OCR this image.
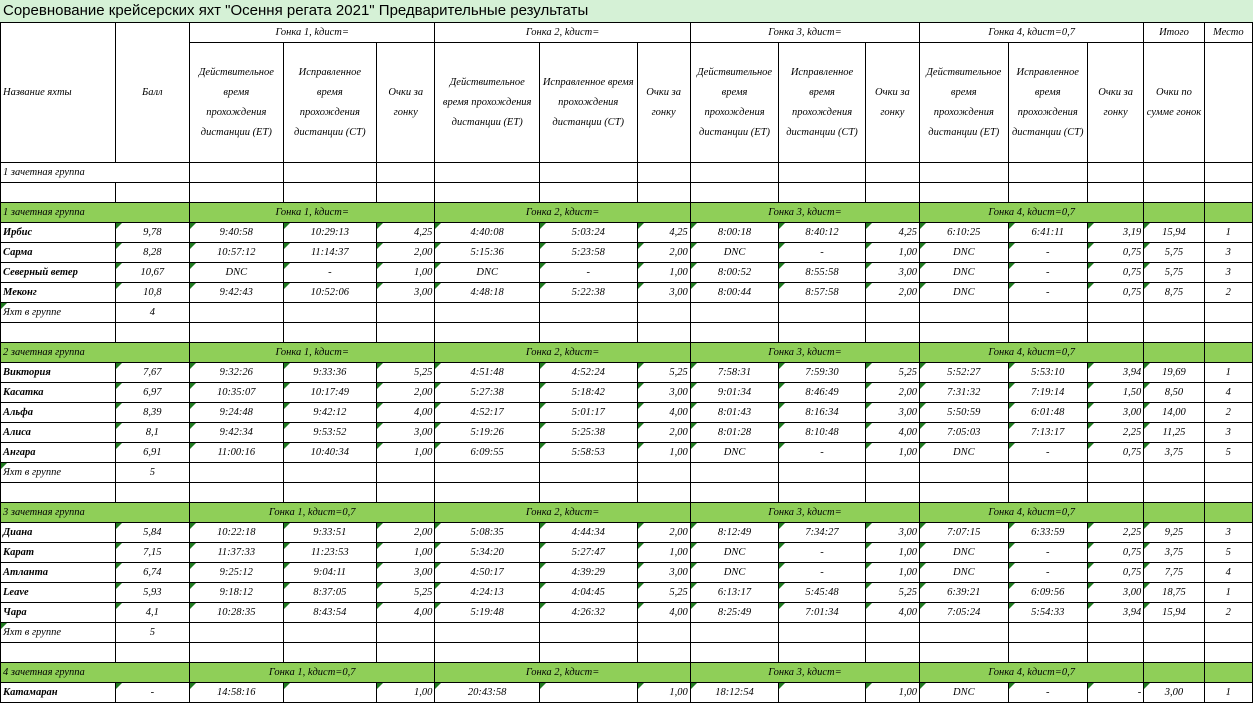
Соревнование крейсерских яхт "Осення регата 2021" Предварительные результаты
Название яхты	Балл	Гонка 1, kдист=			Гонка 2, kдист=			Гонка 3, kдист=			Гонка 4, kдист=0,7			Итого	Место
		Действительное время прохождения дистанции (ET)	Исправленное время прохождения дистанции (CT)	Очки за гонку	Действительное время прохождения дистанции (ET)	Исправленное время прохождения дистанции (CT)	Очки за гонку	Действительное время прохождения дистанции (ET)	Исправленное время прохождения дистанции (CT)	Очки за гонку	Действительное время прохождения дистанции (ET)	Исправленное время прохождения дистанции (CT)	Очки за гонку	Очки по сумме гонок	
1 зачетная группа															

1 зачетная группа		Гонка 1, kдист=			Гонка 2, kдист=			Гонка 3, kдист=			Гонка 4, kдист=0,7				
Ирбис	9,78	9:40:58	10:29:13	4,25	4:40:08	5:03:24	4,25	8:00:18	8:40:12	4,25	6:10:25	6:41:11	3,19	15,94	1
Сарма	8,28	10:57:12	11:14:37	2,00	5:15:36	5:23:58	2,00	DNC	-	1,00	DNC	-	0,75	5,75	3
Северный ветер	10,67	DNC	-	1,00	DNC	-	1,00	8:00:52	8:55:58	3,00	DNC	-	0,75	5,75	3
Меконг	10,8	9:42:43	10:52:06	3,00	4:48:18	5:22:38	3,00	8:00:44	8:57:58	2,00	DNC	-	0,75	8,75	2
Яхт в группе	4														

2 зачетная группа		Гонка 1, kдист=			Гонка 2, kдист=			Гонка 3, kдист=			Гонка 4, kдист=0,7				
Виктория	7,67	9:32:26	9:33:36	5,25	4:51:48	4:52:24	5,25	7:58:31	7:59:30	5,25	5:52:27	5:53:10	3,94	19,69	1
Касатка	6,97	10:35:07	10:17:49	2,00	5:27:38	5:18:42	3,00	9:01:34	8:46:49	2,00	7:31:32	7:19:14	1,50	8,50	4
Альфа	8,39	9:24:48	9:42:12	4,00	4:52:17	5:01:17	4,00	8:01:43	8:16:34	3,00	5:50:59	6:01:48	3,00	14,00	2
Алиса	8,1	9:42:34	9:53:52	3,00	5:19:26	5:25:38	2,00	8:01:28	8:10:48	4,00	7:05:03	7:13:17	2,25	11,25	3
Ангара	6,91	11:00:16	10:40:34	1,00	6:09:55	5:58:53	1,00	DNC	-	1,00	DNC	-	0,75	3,75	5
Яхт в группе	5														

3 зачетная группа		Гонка 1, kдист=0,7			Гонка 2, kдист=			Гонка 3, kдист=			Гонка 4, kдист=0,7				
Диана	5,84	10:22:18	9:33:51	2,00	5:08:35	4:44:34	2,00	8:12:49	7:34:27	3,00	7:07:15	6:33:59	2,25	9,25	3
Карат	7,15	11:37:33	11:23:53	1,00	5:34:20	5:27:47	1,00	DNC	-	1,00	DNC	-	0,75	3,75	5
Атланта	6,74	9:25:12	9:04:11	3,00	4:50:17	4:39:29	3,00	DNC	-	1,00	DNC	-	0,75	7,75	4
Leave	5,93	9:18:12	8:37:05	5,25	4:24:13	4:04:45	5,25	6:13:17	5:45:48	5,25	6:39:21	6:09:56	3,00	18,75	1
Чара	4,1	10:28:35	8:43:54	4,00	5:19:48	4:26:32	4,00	8:25:49	7:01:34	4,00	7:05:24	5:54:33	3,94	15,94	2
Яхт в группе	5														

4 зачетная группа		Гонка 1, kдист=0,7			Гонка 2, kдист=			Гонка 3, kдист=			Гонка 4, kдист=0,7				
Катамаран	-	14:58:16		1,00	20:43:58		1,00	18:12:54		1,00	DNC	-	-	3,00	1
